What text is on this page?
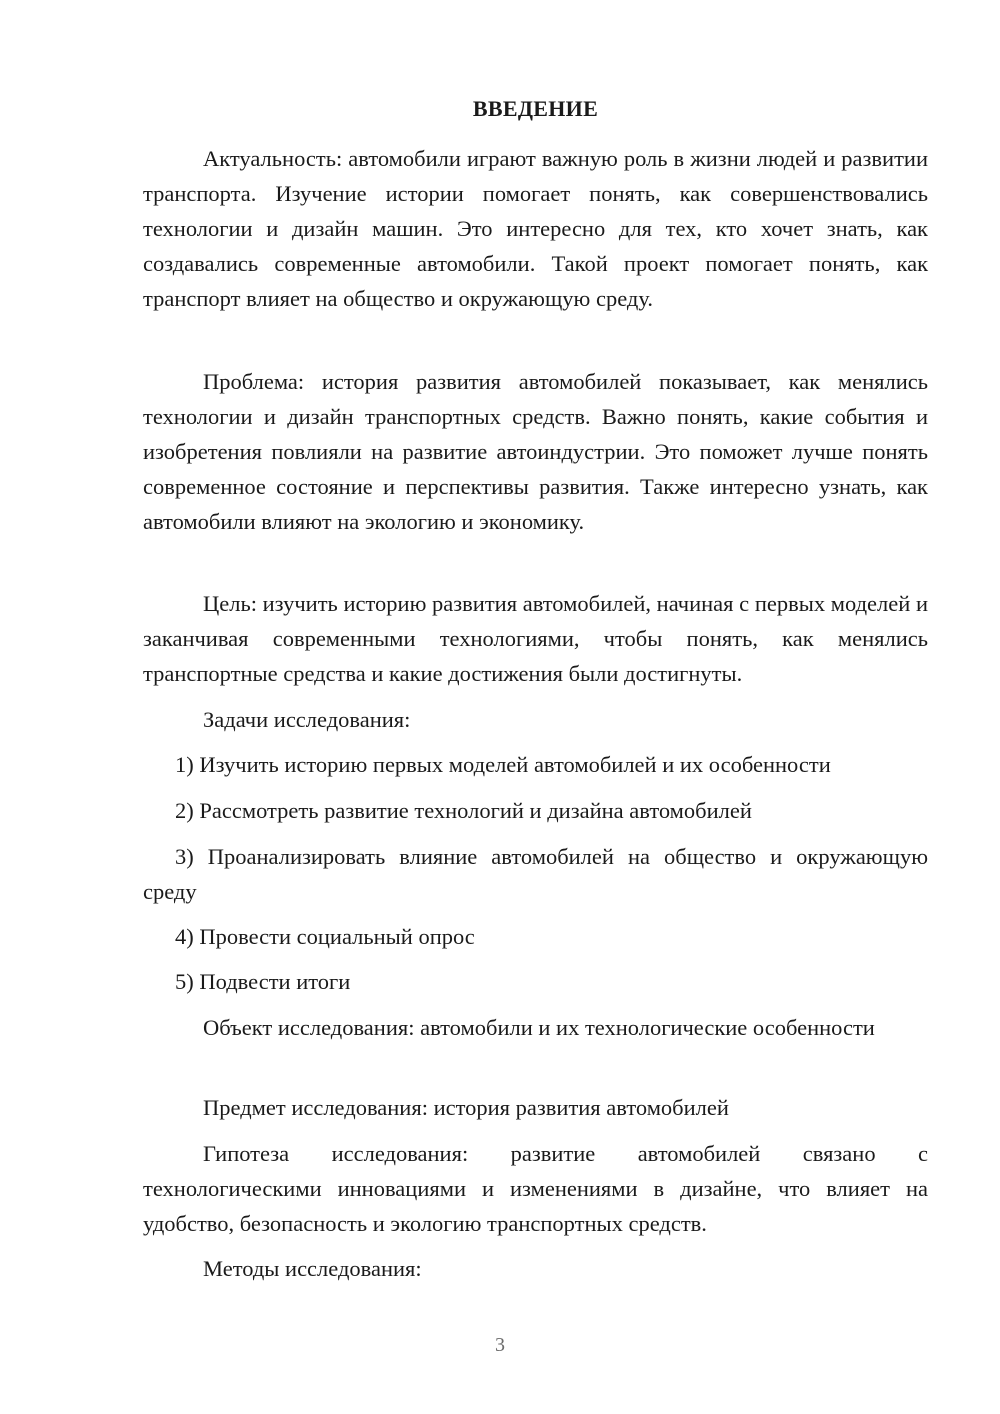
ВВЕДЕНИЕ

Актуальность: автомобили играют важную роль в жизни людей и развитии транспорта. Изучение истории помогает понять, как совершенствовались технологии и дизайн машин. Это интересно для тех, кто хочет знать, как создавались современные автомобили. Такой проект помогает понять, как транспорт влияет на общество и окружающую среду.

Проблема: история развития автомобилей показывает, как менялись технологии и дизайн транспортных средств. Важно понять, какие события и изобретения повлияли на развитие автоиндустрии. Это поможет лучше понять современное состояние и перспективы развития. Также интересно узнать, как автомобили влияют на экологию и экономику.

Цель: изучить историю развития автомобилей, начиная с первых моделей и заканчивая современными технологиями, чтобы понять, как менялись транспортные средства и какие достижения были достигнуты.

Задачи исследования:

1) Изучить историю первых моделей автомобилей и их особенности

2) Рассмотреть развитие технологий и дизайна автомобилей

3) Проанализировать влияние автомобилей на общество и окружающую среду

4) Провести социальный опрос

5) Подвести итоги

Объект исследования: автомобили и их технологические особенности

Предмет исследования: история развития автомобилей

Гипотеза исследования: развитие автомобилей связано с технологическими инновациями и изменениями в дизайне, что влияет на удобство, безопасность и экологию транспортных средств.

Методы исследования:

3
